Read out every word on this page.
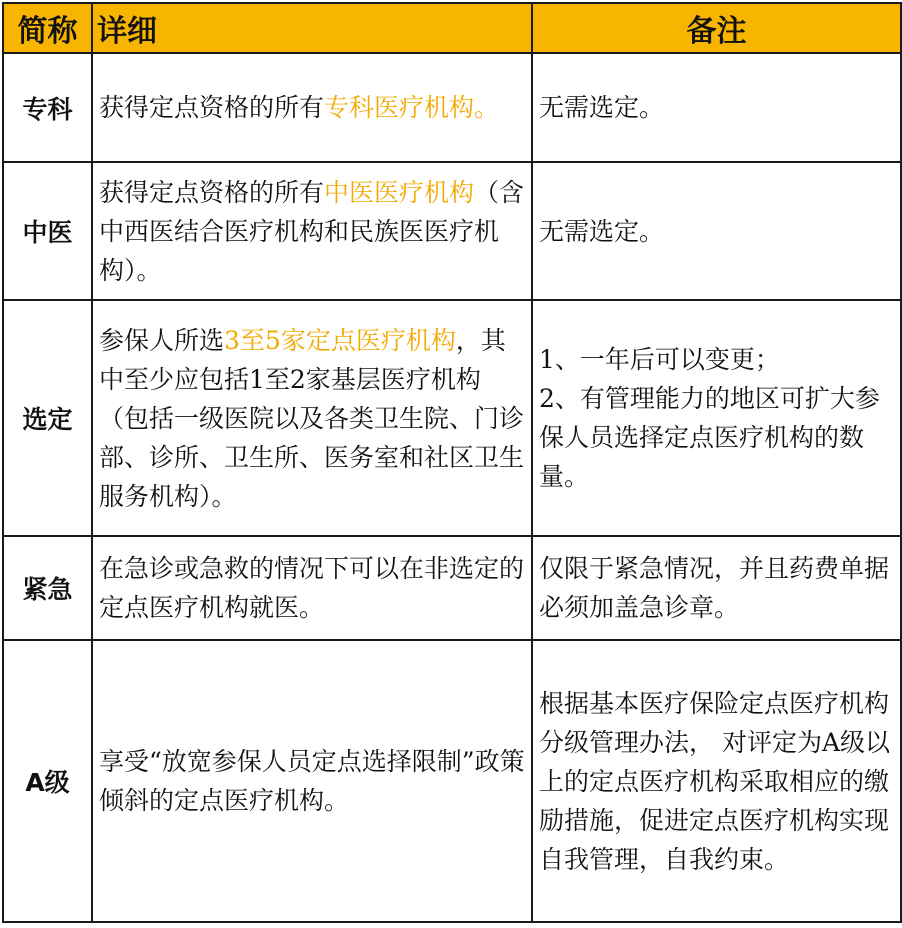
简称	详细	备注
专科	获得定点资格的所有专科医疗机构。	无需选定。
中医	获得定点资格的所有中医医疗机构（含中西医结合医疗机构和民族医医疗机构）。	无需选定。
选定	参保人所选3至5家定点医疗机构，其中至少应包括1至2家基层医疗机构（包括一级医院以及各类卫生院、门诊部、诊所、卫生所、医务室和社区卫生服务机构）。	1、一年后可以变更；
2、有管理能力的地区可扩大参保人员选择定点医疗机构的数量。

紧急	在急诊或急救的情况下可以在非选定的定点医疗机构就医。	仅限于紧急情况，并且药费单据必须加盖急诊章。
A级	享受“放宽参保人员定点选择限制”政策倾斜的定点医疗机构。	根据基本医疗保险定点医疗机构分级管理办法， 对评定为A级以上的定点医疗机构采取相应的缴励措施，促进定点医疗机构实现自我管理，自我约束。
